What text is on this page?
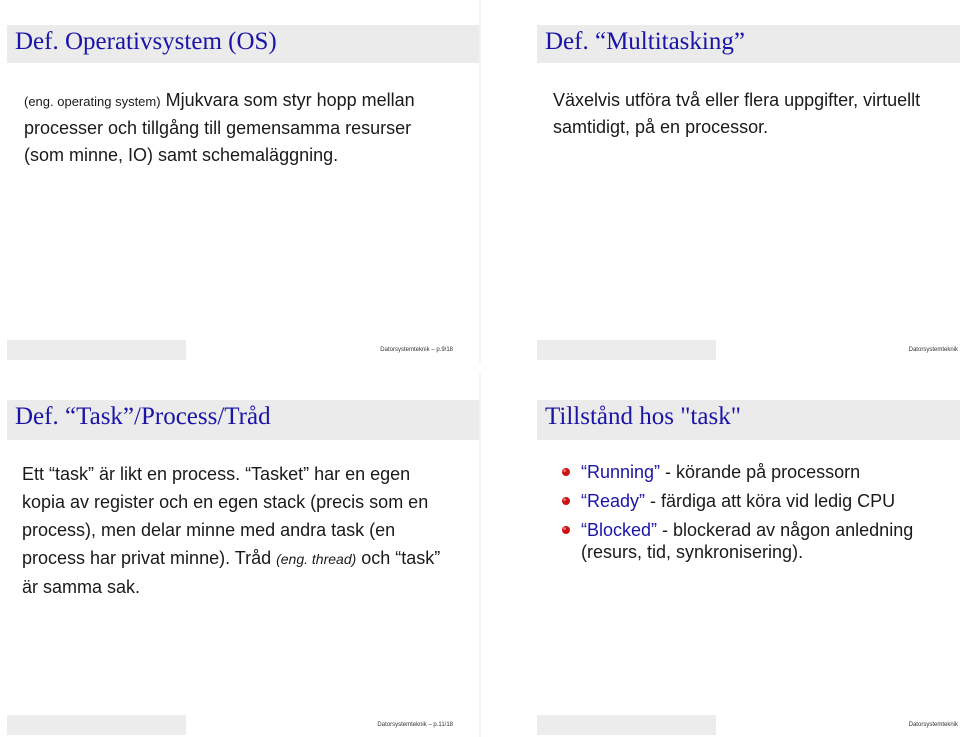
Def. Operativsystem (OS)
(eng. operating system) Mjukvara som styr hopp mellan processer och tillgång till gemensamma resurser (som minne, IO) samt schemaläggning.
Datorsystemteknik – p.9/18
Def. “Multitasking”
Växelvis utföra två eller flera uppgifter, virtuellt samtidigt, på en processor.
Datorsystemteknik
Def. “Task”/Process/Tråd
Ett “task” är likt en process. “Tasket” har en egen kopia av register och en egen stack (precis som en process), men delar minne med andra task (en process har privat minne). Tråd (eng. thread) och “task” är samma sak.
Datorsystemteknik – p.11/18
Tillstånd hos "task"
“Running” - körande på processorn
“Ready” - färdiga att köra vid ledig CPU
“Blocked” - blockerad av någon anledning (resurs, tid, synkronisering).
Datorsystemteknik
